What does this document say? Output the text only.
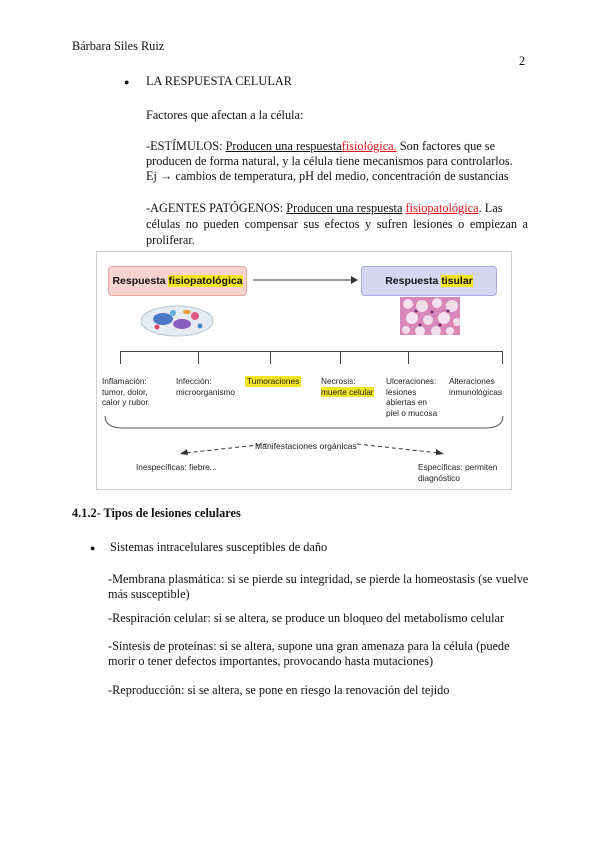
Bárbara Siles Ruiz
2
● LA RESPUESTA CELULAR
Factores que afectan a la célula:
-ESTÍMULOS: Producen una respuestafisiológica. Son factores que se
producen de forma natural, y la célula tiene mecanismos para controlarlos.
Ej → cambios de temperatura, pH del medio, concentración de sustancias
-AGENTES PATÓGENOS: Producen una respuesta fisiopatológica. Las
células no pueden compensar sus efectos y sufren lesiones o empiezan a
proliferar.
Respuesta
fisiopatológica	Respuesta
tisular
Inflamación:
tumor, dolor,
calor y rubor.
Infección:
microorganismo
Tumoraciones	Necrosis:
muerte celular
Ulceraciones:
lesiones
abiertas en
piel o mucosa
Alteraciones
inmunológicas
Manifestaciones orgánicas
Inespecíficas: fiebre...	Específicas: permiten
diagnóstico
4.1.2- Tipos de lesiones celulares
● Sistemas intracelulares susceptibles de daño
-Membrana plasmática: si se pierde su integridad, se pierde la homeostasis (se vuelve
más susceptible)
-Respiración celular: si se altera, se produce un bloqueo del metabolismo celular
-Síntesis de proteínas: si se altera, supone una gran amenaza para la célula (puede
morir o tener defectos importantes, provocando hasta mutaciones)
-Reproducción: si se altera, se pone en riesgo la renovación del tejido
